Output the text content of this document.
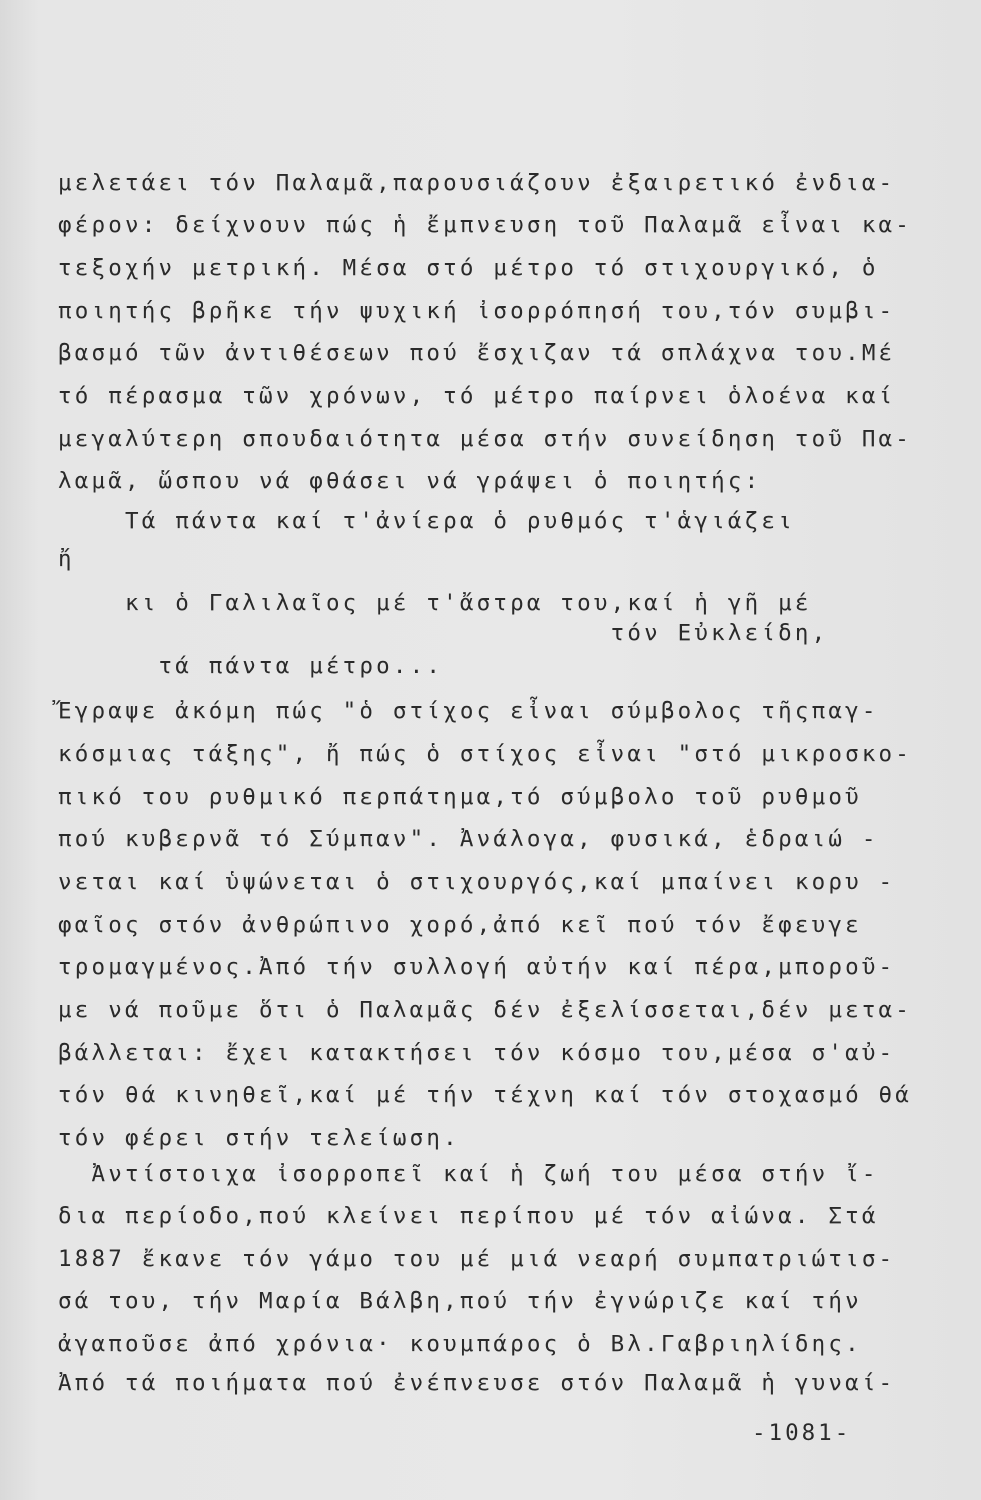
μελετάει τόν Παλαμᾶ,παρουσιάζουν ἐξαιρετικό ἐνδια-
φέρον: δείχνουν πώς ἡ ἔμπνευση τοῦ Παλαμᾶ εἶναι κα-
τεξοχήν μετρική. Μέσα στό μέτρο τό στιχουργικό, ὁ
ποιητής βρῆκε τήν ψυχική ἰσορρόπησή του,τόν συμβι-
βασμό τῶν ἀντιθέσεων πού ἔσχιζαν τά σπλάχνα του.Μέ
τό πέρασμα τῶν χρόνων, τό μέτρο παίρνει ὁλοένα καί
μεγαλύτερη σπουδαιότητα μέσα στήν συνείδηση τοῦ Πα-
λαμᾶ, ὥσπου νά φθάσει νά γράψει ὁ ποιητής:
Τά πάντα καί τ'ἀνίερα ὁ ρυθμός τ'ἁγιάζει
ἤ
κι ὁ Γαλιλαῖος μέ τ'ἄστρα του,καί ἡ γῆ μέ
τόν Εὐκλείδη,
τά πάντα μέτρο...
Ἔγραψε ἀκόμη πώς "ὁ στίχος εἶναι σύμβολος τῆςπαγ-
κόσμιας τάξης", ἤ πώς ὁ στίχος εἶναι "στό μικροσκο-
πικό του ρυθμικό περπάτημα,τό σύμβολο τοῦ ρυθμοῦ
πού κυβερνᾶ τό Σύμπαν". Ἀνάλογα, φυσικά, ἑδραιώ -
νεται καί ὑψώνεται ὁ στιχουργός,καί μπαίνει κορυ -
φαῖος στόν ἀνθρώπινο χορό,ἀπό κεῖ πού τόν ἔφευγε
τρομαγμένος.Ἀπό τήν συλλογή αὐτήν καί πέρα,μποροῦ-
με νά ποῦμε ὅτι ὁ Παλαμᾶς δέν ἐξελίσσεται,δέν μετα-
βάλλεται: ἔχει κατακτήσει τόν κόσμο του,μέσα σ'αὐ-
τόν θά κινηθεῖ,καί μέ τήν τέχνη καί τόν στοχασμό θά
τόν φέρει στήν τελείωση.
Ἀντίστοιχα ἰσορροπεῖ καί ἡ ζωή του μέσα στήν ἴ-
δια περίοδο,πού κλείνει περίπου μέ τόν αἰώνα. Στά
1887 ἔκανε τόν γάμο του μέ μιά νεαρή συμπατριώτισ-
σά του, τήν Μαρία Βάλβη,πού τήν ἐγνώριζε καί τήν
ἀγαποῦσε ἀπό χρόνια· κουμπάρος ὁ Βλ.Γαβριηλίδης.
Ἀπό τά ποιήματα πού ἐνέπνευσε στόν Παλαμᾶ ἡ γυναί-
-1081-
